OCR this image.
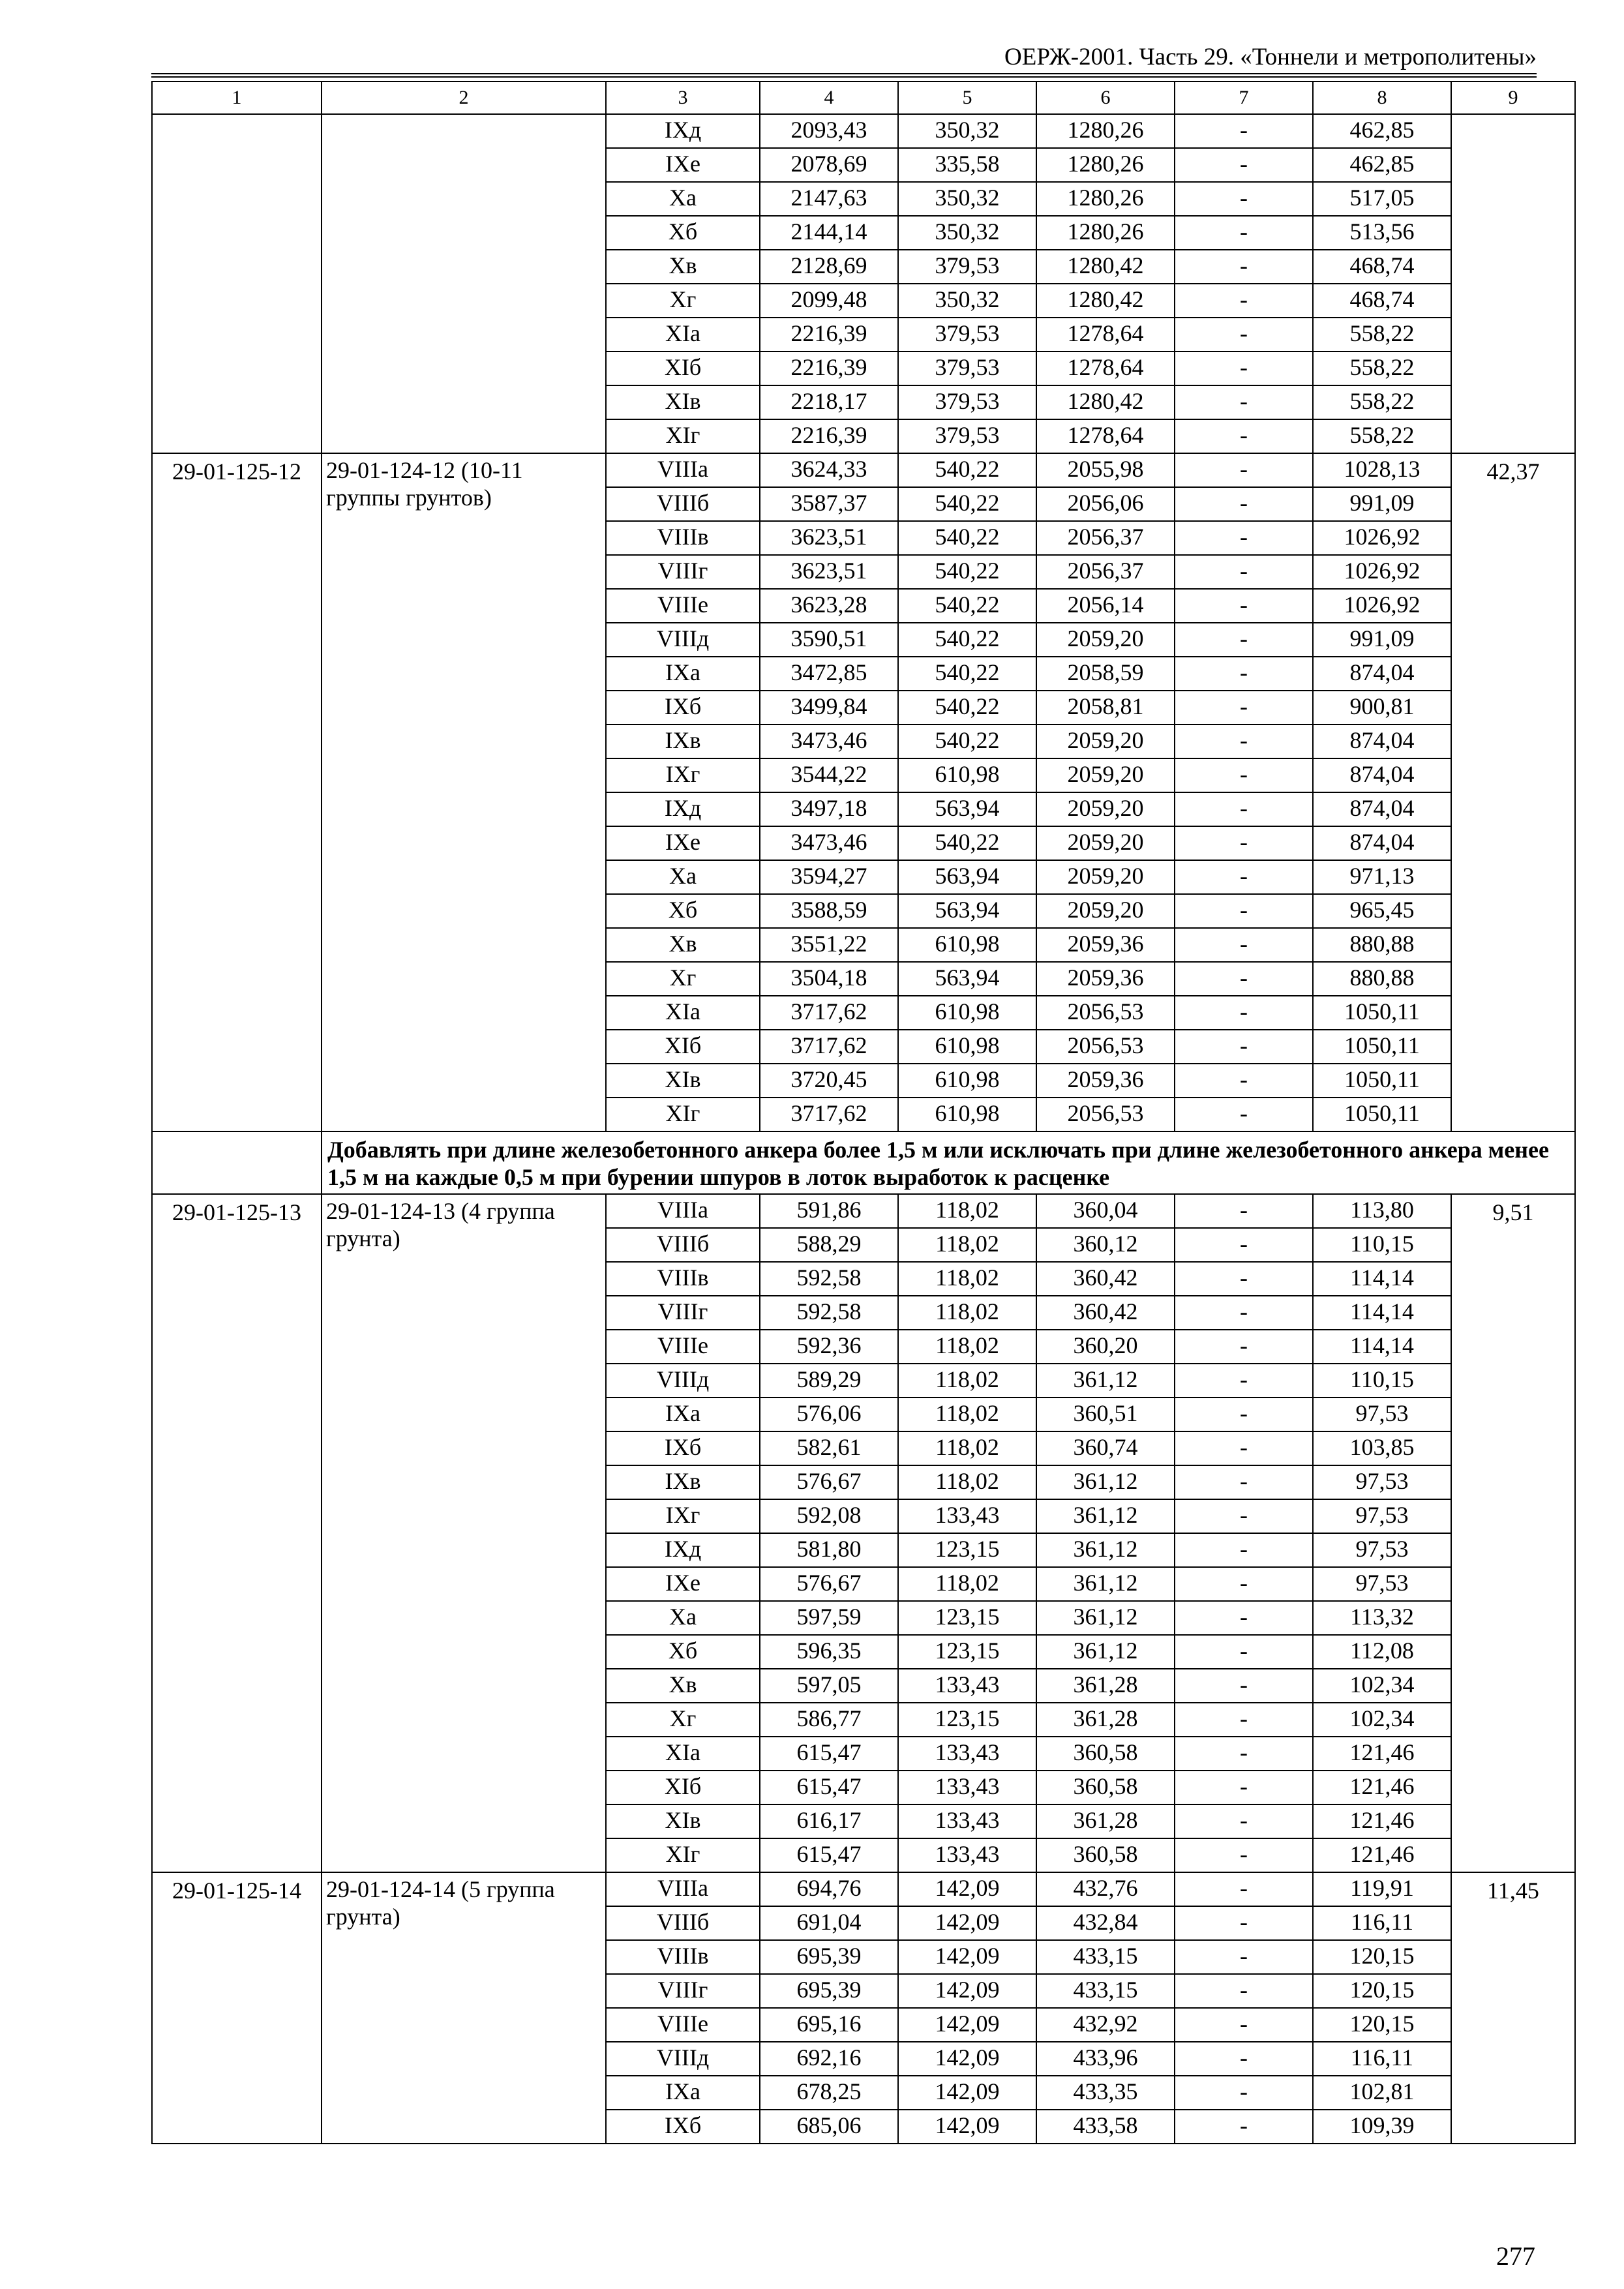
ОЕРЖ-2001. Часть 29. «Тоннели и метрополитены»
1	2	3	4	5	6	7	8	9
		IXд	2093,43	350,32	1280,26	-	462,85	
		IXе	2078,69	335,58	1280,26	-	462,85	
		Xа	2147,63	350,32	1280,26	-	517,05	
		Xб	2144,14	350,32	1280,26	-	513,56	
		Xв	2128,69	379,53	1280,42	-	468,74	
		Xг	2099,48	350,32	1280,42	-	468,74	
		XIа	2216,39	379,53	1278,64	-	558,22	
		XIб	2216,39	379,53	1278,64	-	558,22	
		XIв	2218,17	379,53	1280,42	-	558,22	
		XIг	2216,39	379,53	1278,64	-	558,22	
29-01-125-12	29-01-124-12 (10-11 группы грунтов)	VIIIа	3624,33	540,22	2055,98	-	1028,13	42,37
		VIIIб	3587,37	540,22	2056,06	-	991,09	
		VIIIв	3623,51	540,22	2056,37	-	1026,92	
		VIIIг	3623,51	540,22	2056,37	-	1026,92	
		VIIIе	3623,28	540,22	2056,14	-	1026,92	
		VIIIд	3590,51	540,22	2059,20	-	991,09	
		IXа	3472,85	540,22	2058,59	-	874,04	
		IXб	3499,84	540,22	2058,81	-	900,81	
		IXв	3473,46	540,22	2059,20	-	874,04	
		IXг	3544,22	610,98	2059,20	-	874,04	
		IXд	3497,18	563,94	2059,20	-	874,04	
		IXе	3473,46	540,22	2059,20	-	874,04	
		Xа	3594,27	563,94	2059,20	-	971,13	
		Xб	3588,59	563,94	2059,20	-	965,45	
		Xв	3551,22	610,98	2059,36	-	880,88	
		Xг	3504,18	563,94	2059,36	-	880,88	
		XIа	3717,62	610,98	2056,53	-	1050,11	
		XIб	3717,62	610,98	2056,53	-	1050,11	
		XIв	3720,45	610,98	2059,36	-	1050,11	
		XIг	3717,62	610,98	2056,53	-	1050,11	
	Добавлять при длине железобетонного анкера более 1,5 м или исключать при длине железобетонного анкера менее 1,5 м на каждые 0,5 м при бурении шпуров в лоток выработок к расценке							
29-01-125-13	29-01-124-13 (4 группа грунта)	VIIIа	591,86	118,02	360,04	-	113,80	9,51
		VIIIб	588,29	118,02	360,12	-	110,15	
		VIIIв	592,58	118,02	360,42	-	114,14	
		VIIIг	592,58	118,02	360,42	-	114,14	
		VIIIе	592,36	118,02	360,20	-	114,14	
		VIIIд	589,29	118,02	361,12	-	110,15	
		IXа	576,06	118,02	360,51	-	97,53	
		IXб	582,61	118,02	360,74	-	103,85	
		IXв	576,67	118,02	361,12	-	97,53	
		IXг	592,08	133,43	361,12	-	97,53	
		IXд	581,80	123,15	361,12	-	97,53	
		IXе	576,67	118,02	361,12	-	97,53	
		Xа	597,59	123,15	361,12	-	113,32	
		Xб	596,35	123,15	361,12	-	112,08	
		Xв	597,05	133,43	361,28	-	102,34	
		Xг	586,77	123,15	361,28	-	102,34	
		XIа	615,47	133,43	360,58	-	121,46	
		XIб	615,47	133,43	360,58	-	121,46	
		XIв	616,17	133,43	361,28	-	121,46	
		XIг	615,47	133,43	360,58	-	121,46	
29-01-125-14	29-01-124-14 (5 группа грунта)	VIIIа	694,76	142,09	432,76	-	119,91	11,45
		VIIIб	691,04	142,09	432,84	-	116,11	
		VIIIв	695,39	142,09	433,15	-	120,15	
		VIIIг	695,39	142,09	433,15	-	120,15	
		VIIIе	695,16	142,09	432,92	-	120,15	
		VIIIд	692,16	142,09	433,96	-	116,11	
		IXа	678,25	142,09	433,35	-	102,81	
		IXб	685,06	142,09	433,58	-	109,39	
277
